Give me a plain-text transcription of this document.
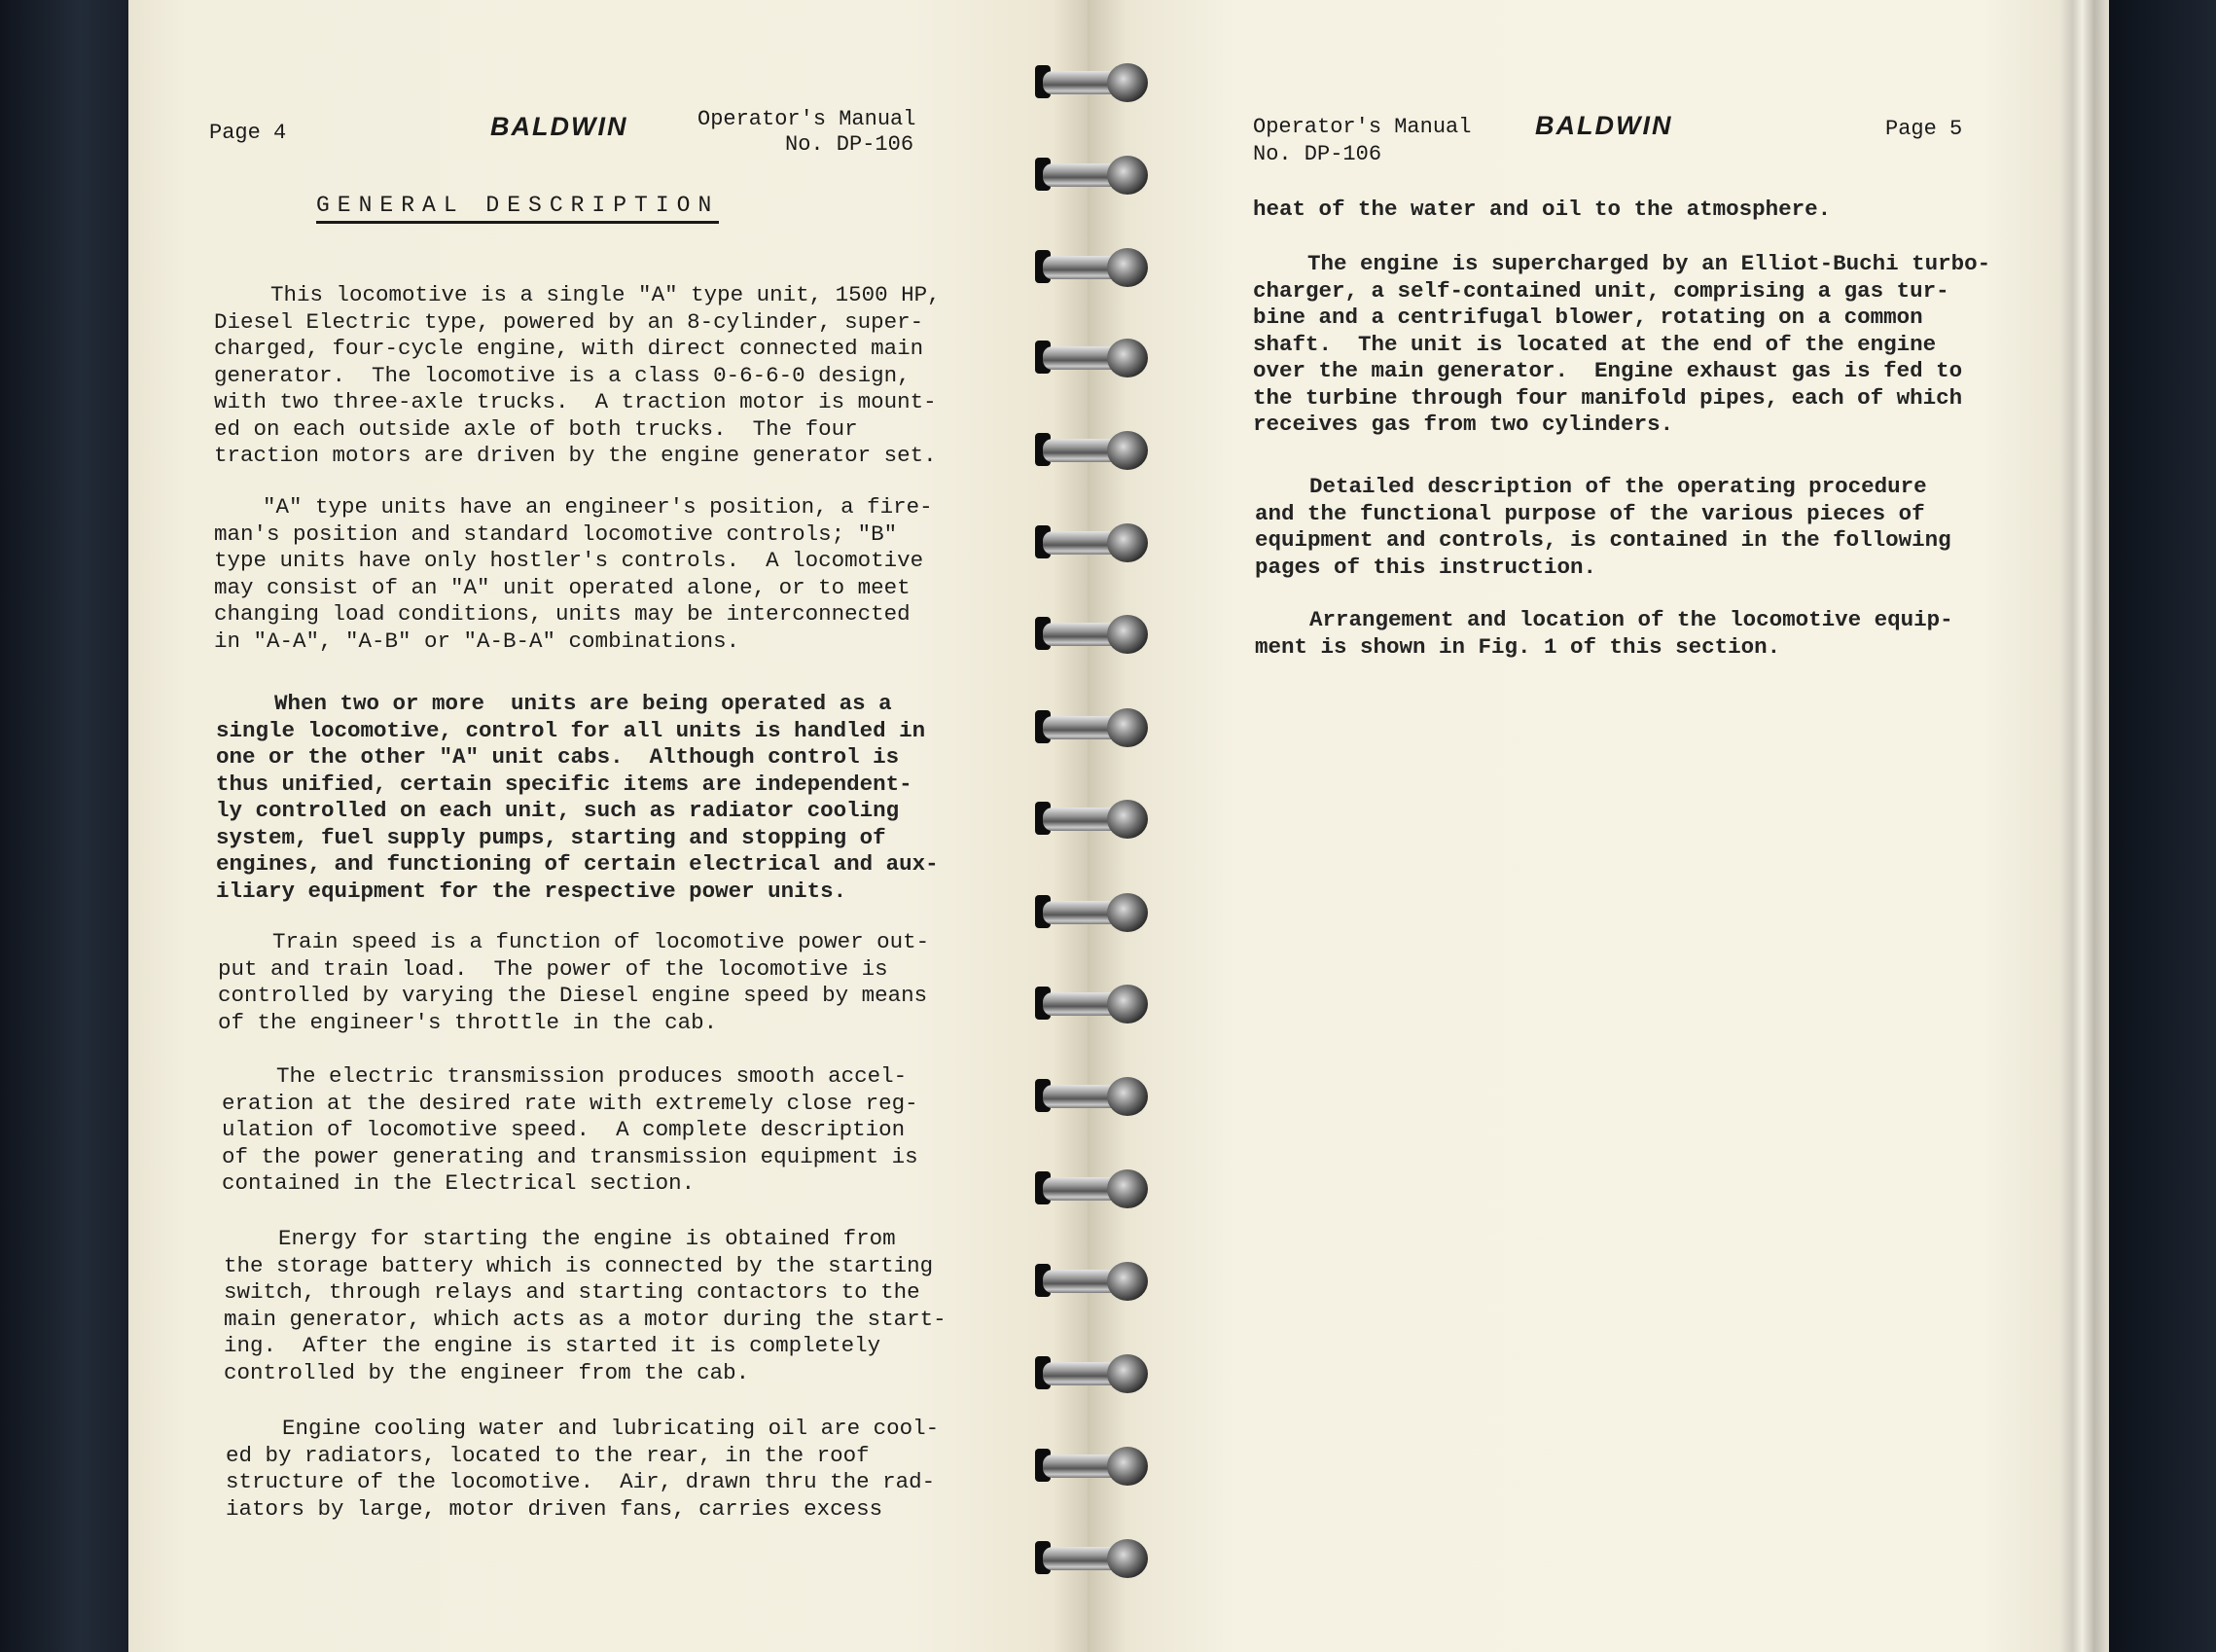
Page 4	BALDWIN	Operator's Manual
No. DP-106
GENERAL DESCRIPTION
This locomotive is a single "A" type unit, 1500 HP,
Diesel Electric type, powered by an 8-cylinder, super-
charged, four-cycle engine, with direct connected main
generator.  The locomotive is a class 0-6-6-0 design,
with two three-axle trucks.  A traction motor is mount-
ed on each outside axle of both trucks.  The four
traction motors are driven by the engine generator set.
"A" type units have an engineer's position, a fire-
man's position and standard locomotive controls; "B"
type units have only hostler's controls.  A locomotive
may consist of an "A" unit operated alone, or to meet
changing load conditions, units may be interconnected
in "A-A", "A-B" or "A-B-A" combinations.
When two or more  units are being operated as a
single locomotive, control for all units is handled in
one or the other "A" unit cabs.  Although control is
thus unified, certain specific items are independent-
ly controlled on each unit, such as radiator cooling
system, fuel supply pumps, starting and stopping of
engines, and functioning of certain electrical and aux-
iliary equipment for the respective power units.
Train speed is a function of locomotive power out-
put and train load.  The power of the locomotive is
controlled by varying the Diesel engine speed by means
of the engineer's throttle in the cab.
The electric transmission produces smooth accel-
eration at the desired rate with extremely close reg-
ulation of locomotive speed.  A complete description
of the power generating and transmission equipment is
contained in the Electrical section.
Energy for starting the engine is obtained from
the storage battery which is connected by the starting
switch, through relays and starting contactors to the
main generator, which acts as a motor during the start-
ing.  After the engine is started it is completely
controlled by the engineer from the cab.
Engine cooling water and lubricating oil are cool-
ed by radiators, located to the rear, in the roof
structure of the locomotive.  Air, drawn thru the rad-
iators by large, motor driven fans, carries excess
Operator's Manual
No. DP-106
BALDWIN	Page 5
heat of the water and oil to the atmosphere.
The engine is supercharged by an Elliot-Buchi turbo-
charger, a self-contained unit, comprising a gas tur-
bine and a centrifugal blower, rotating on a common
shaft.  The unit is located at the end of the engine
over the main generator.  Engine exhaust gas is fed to
the turbine through four manifold pipes, each of which
receives gas from two cylinders.
Detailed description of the operating procedure
and the functional purpose of the various pieces of
equipment and controls, is contained in the following
pages of this instruction.
Arrangement and location of the locomotive equip-
ment is shown in Fig. 1 of this section.
